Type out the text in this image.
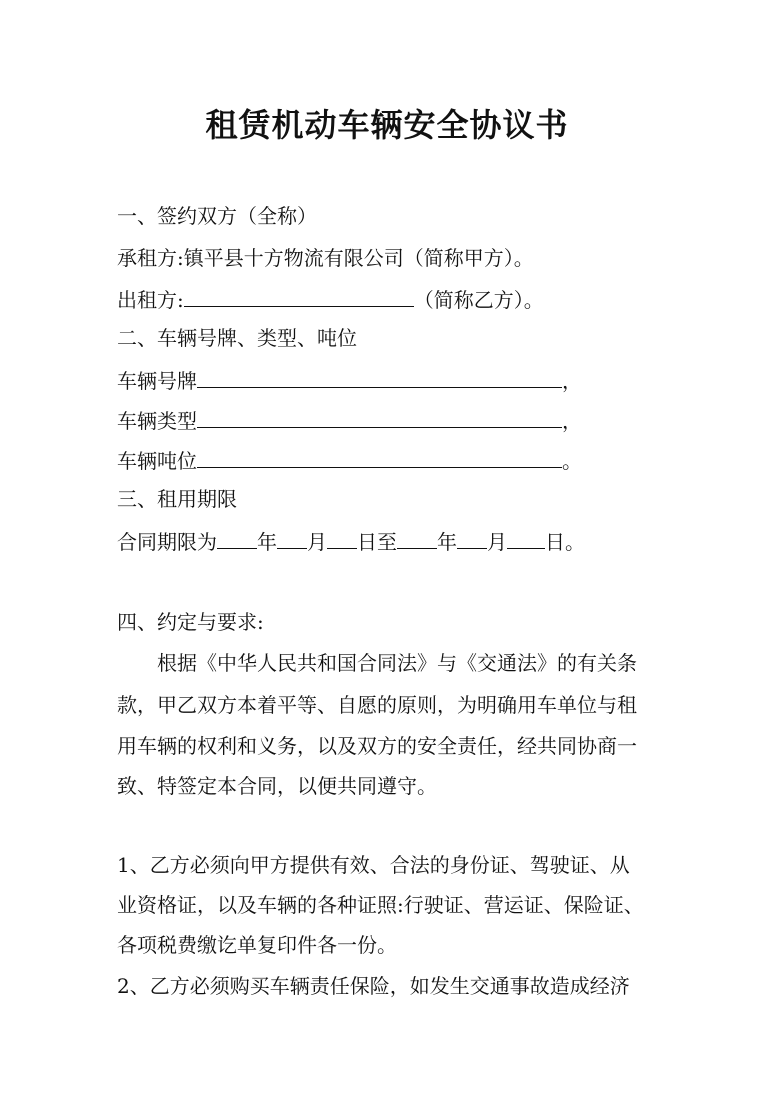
租赁机动车辆安全协议书
一、签约双方（全称）
承租方:镇平县十方物流有限公司（简称甲方）。
出租方:	（简称乙方）。
二、车辆号牌、类型、吨位
车辆号牌	，
车辆类型	，
车辆吨位	。
三、租用期限
合同期限为 年 月 日至 年 月 日。
四、约定与要求:
根据《中华人民共和国合同法》与《交通法》的有关条
款，甲乙双方本着平等、自愿的原则，为明确用车单位与租
用车辆的权利和义务，以及双方的安全责任，经共同协商一
致、特签定本合同，以便共同遵守。
1、乙方必须向甲方提供有效、合法的身份证、驾驶证、从
业资格证，以及车辆的各种证照:行驶证、营运证、保险证、
各项税费缴讫单复印件各一份。
2、乙方必须购买车辆责任保险，如发生交通事故造成经济
